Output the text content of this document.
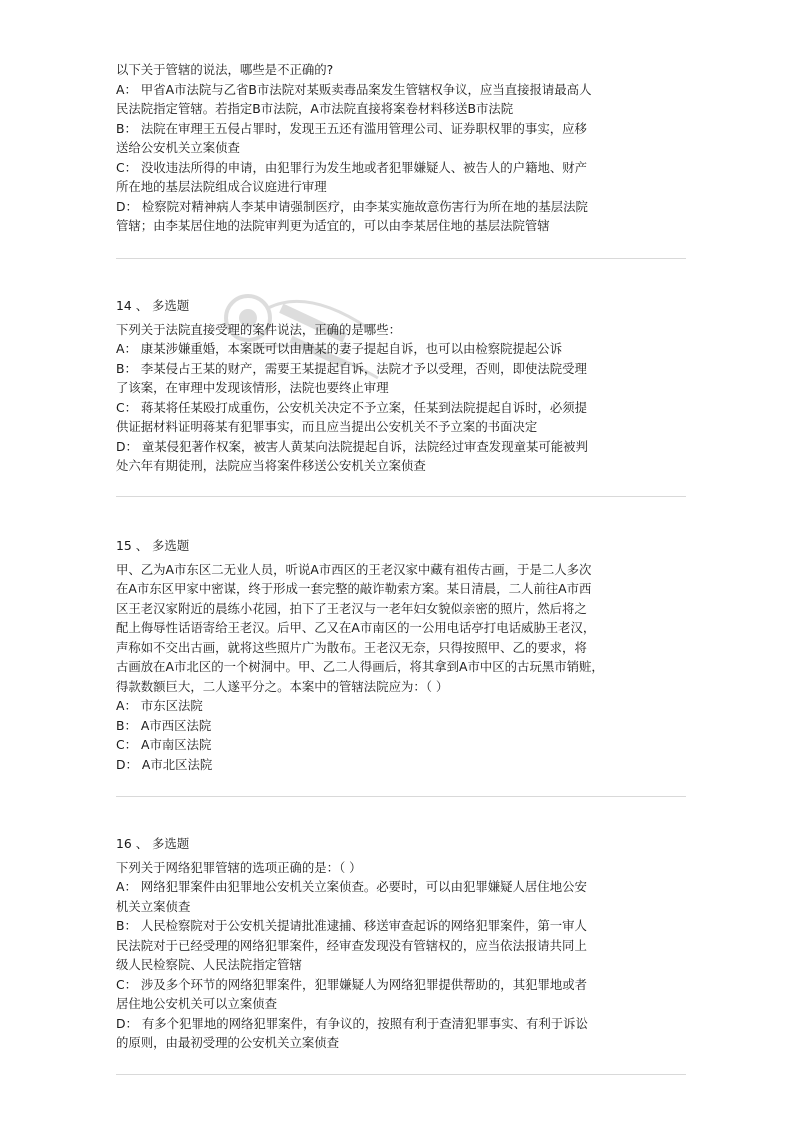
以下关于管辖的说法，哪些是不正确的?

A： 甲省A市法院与乙省B市法院对某贩卖毒品案发生管辖权争议，应当直接报请最高人

民法院指定管辖。若指定B市法院，A市法院直接将案卷材料移送B市法院

B： 法院在审理王五侵占罪时，发现王五还有滥用管理公司、证券职权罪的事实，应移

送给公安机关立案侦查

C： 没收违法所得的申请，由犯罪行为发生地或者犯罪嫌疑人、被告人的户籍地、财产

所在地的基层法院组成合议庭进行审理

D： 检察院对精神病人李某申请强制医疗，由李某实施故意伤害行为所在地的基层法院

管辖；由李某居住地的法院审判更为适宜的，可以由李某居住地的基层法院管辖

14 、 多选题

下列关于法院直接受理的案件说法，正确的是哪些：

A： 康某涉嫌重婚，本案既可以由唐某的妻子提起自诉，也可以由检察院提起公诉

B： 李某侵占王某的财产，需要王某提起自诉，法院才予以受理，否则，即使法院受理

了该案，在审理中发现该情形，法院也要终止审理

C： 蒋某将任某殴打成重伤，公安机关决定不予立案，任某到法院提起自诉时，必须提

供证据材料证明蒋某有犯罪事实，而且应当提出公安机关不予立案的书面决定

D： 童某侵犯著作权案，被害人黄某向法院提起自诉，法院经过审查发现童某可能被判

处六年有期徒刑，法院应当将案件移送公安机关立案侦查

15 、 多选题

甲、乙为A市东区二无业人员，听说A市西区的王老汉家中藏有祖传古画，于是二人多次

在A市东区甲家中密谋，终于形成一套完整的敲诈勒索方案。某日清晨，二人前往A市西

区王老汉家附近的晨练小花园，拍下了王老汉与一老年妇女貌似亲密的照片，然后将之

配上侮辱性话语寄给王老汉。后甲、乙又在A市南区的一公用电话亭打电话威胁王老汉，

声称如不交出古画，就将这些照片广为散布。王老汉无奈，只得按照甲、乙的要求，将

古画放在A市北区的一个树洞中。甲、乙二人得画后，将其拿到A市中区的古玩黑市销赃，

得款数额巨大，二人遂平分之。本案中的管辖法院应为：（ ）

A： 市东区法院

B： A市西区法院

C： A市南区法院

D： A市北区法院

16 、 多选题

下列关于网络犯罪管辖的选项正确的是：（ ）

A： 网络犯罪案件由犯罪地公安机关立案侦查。必要时，可以由犯罪嫌疑人居住地公安

机关立案侦查

B： 人民检察院对于公安机关提请批准逮捕、移送审查起诉的网络犯罪案件，第一审人

民法院对于已经受理的网络犯罪案件，经审查发现没有管辖权的，应当依法报请共同上

级人民检察院、人民法院指定管辖

C： 涉及多个环节的网络犯罪案件，犯罪嫌疑人为网络犯罪提供帮助的，其犯罪地或者

居住地公安机关可以立案侦查

D： 有多个犯罪地的网络犯罪案件，有争议的，按照有利于查清犯罪事实、有利于诉讼

的原则，由最初受理的公安机关立案侦查
